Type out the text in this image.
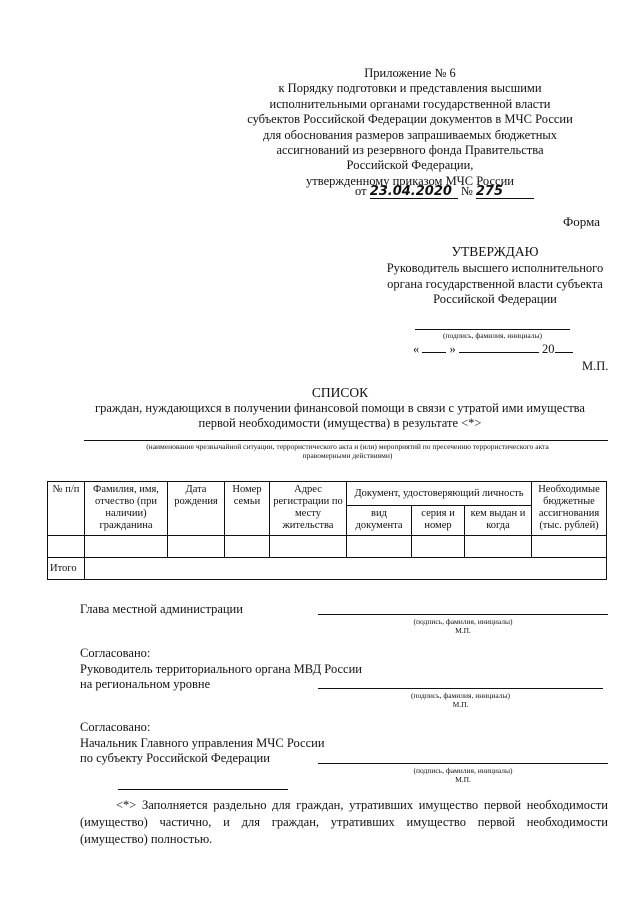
Приложение № 6
к Порядку подготовки и представления высшими
исполнительными органами государственной власти
субъектов Российской Федерации документов в МЧС России
для обоснования размеров запрашиваемых бюджетных
ассигнований из резервного фонда Правительства
Российской Федерации,
утвержденному приказом МЧС России
от 23.04.2020 № 275
Форма
УТВЕРЖДАЮ
Руководитель высшего исполнительного
органа государственной власти субъекта
Российской Федерации
(подпись, фамилия, инициалы)
« »	20
М.П.
СПИСОК
граждан, нуждающихся в получении финансовой помощи в связи с утратой ими имущества
первой необходимости (имущества) в результате <*>
(наименование чрезвычайной ситуации, террористического акта и (или) мероприятий по пресечению террористического акта
правомерными действиями)
№ п/п	Фамилия, имя, отчество (при наличии) гражданина	Дата рождения	Номер семьи	Адрес регистрации по месту жительства	Документ, удостоверяющий личность			Необходимые бюджетные ассигнования (тыс. рублей)
					вид документа	серия и номер	кем выдан и когда	

Итого								
Глава местной администрации
(подпись, фамилия, инициалы)
М.П.
Согласовано:
Руководитель территориального органа МВД России
на региональном уровне
(подпись, фамилия, инициалы)
М.П.
Согласовано:
Начальник Главного управления МЧС России
по субъекту Российской Федерации
(подпись, фамилия, инициалы)
М.П.
<*> Заполняется раздельно для граждан, утративших имущество первой необходимости (имущество) частично, и для граждан, утративших имущество первой необходимости (имущество) полностью.
